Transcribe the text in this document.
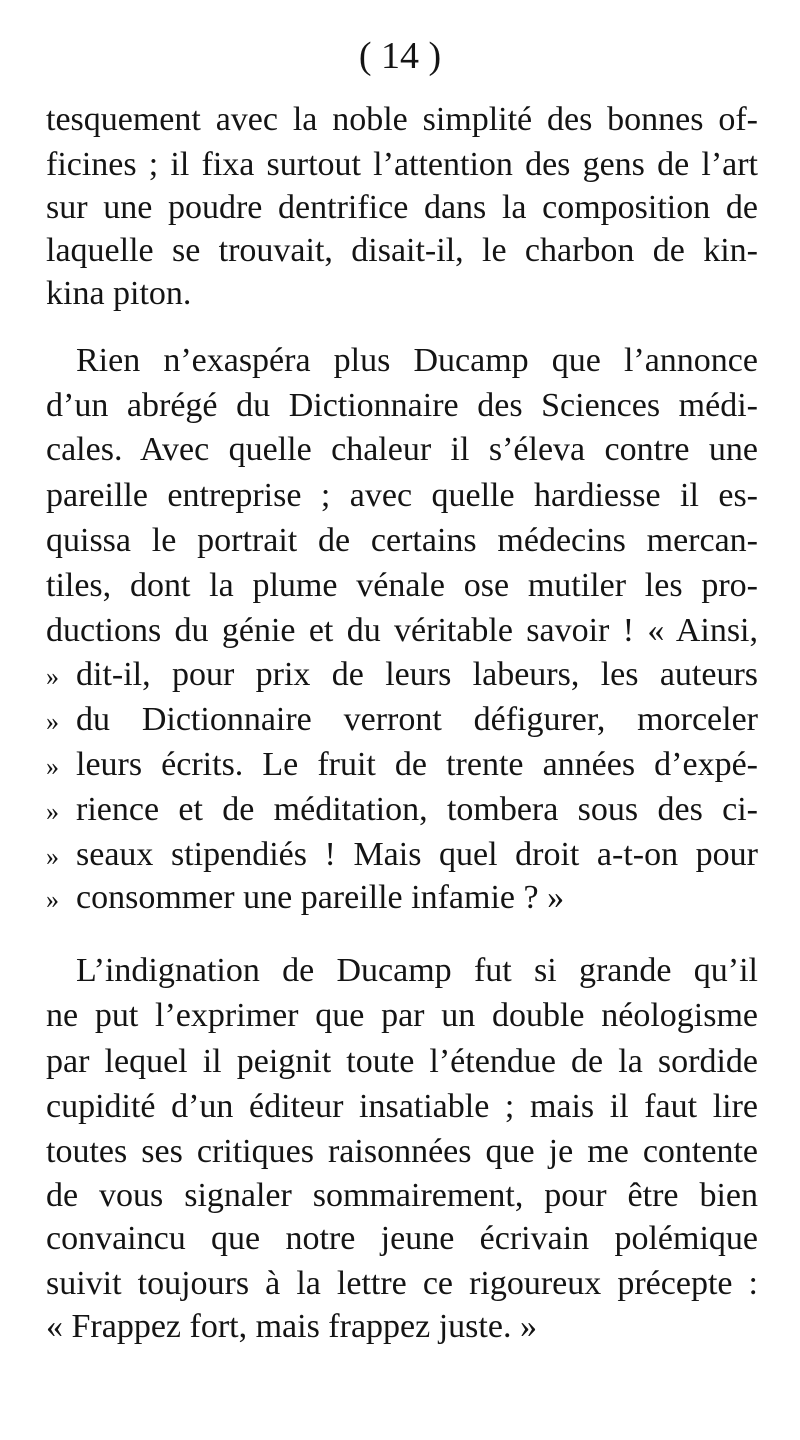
( 14 )
tesquement avec la noble simplité des bonnes of-
ficines ; il fixa surtout l’attention des gens de l’art
sur une poudre dentrifice dans la composition de
laquelle se trouvait, disait-il, le charbon de kin-
kina piton.
Rien n’exaspéra plus Ducamp que l’annonce
d’un abrégé du Dictionnaire des Sciences médi-
cales. Avec quelle chaleur il s’éleva contre une
pareille entreprise ; avec quelle hardiesse il es-
quissa le portrait de certains médecins mercan-
tiles, dont la plume vénale ose mutiler les pro-
ductions du génie et du véritable savoir ! « Ainsi,
» dit-il, pour prix de leurs labeurs, les auteurs
» du Dictionnaire verront défigurer, morceler
» leurs écrits. Le fruit de trente années d’expé-
» rience et de méditation, tombera sous des ci-
» seaux stipendiés ! Mais quel droit a-t-on pour
» consommer une pareille infamie ? »
L’indignation de Ducamp fut si grande qu’il
ne put l’exprimer que par un double néologisme
par lequel il peignit toute l’étendue de la sordide
cupidité d’un éditeur insatiable ; mais il faut lire
toutes ses critiques raisonnées que je me contente
de vous signaler sommairement, pour être bien
convaincu que notre jeune écrivain polémique
suivit toujours à la lettre ce rigoureux précepte :
« Frappez fort, mais frappez juste. »
